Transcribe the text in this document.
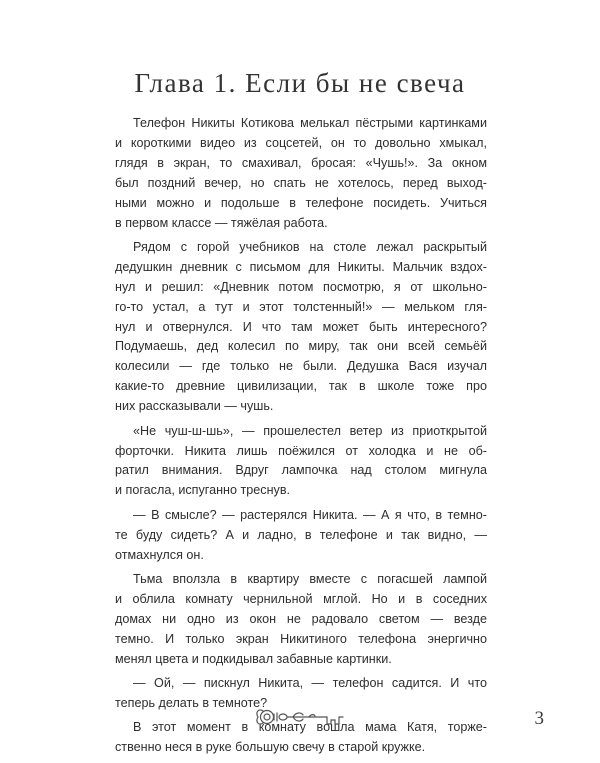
Глава 1. Если бы не свеча
Телефон Никиты Котикова мелькал пёстрыми картинками
и короткими видео из соцсетей, он то довольно хмыкал,
глядя в экран, то смахивал, бросая: «Чушь!». За окном
был поздний вечер, но спать не хотелось, перед выход-
ными можно и подольше в телефоне посидеть. Учиться
в первом классе — тяжёлая работа.
Рядом с горой учебников на столе лежал раскрытый
дедушкин дневник с письмом для Никиты. Мальчик вздох-
нул и решил: «Дневник потом посмотрю, я от школьно-
го-то устал, а тут и этот толстенный!» — мельком гля-
нул и отвернулся. И что там может быть интересного?
Подумаешь, дед колесил по миру, так они всей семьёй
колесили — где только не были. Дедушка Вася изучал
какие-то древние цивилизации, так в школе тоже про
них рассказывали — чушь.
«Не чуш-ш-шь», — прошелестел ветер из приоткрытой
форточки. Никита лишь поёжился от холодка и не об-
ратил внимания. Вдруг лампочка над столом мигнула
и погасла, испуганно треснув.
— В смысле? — растерялся Никита. — А я что, в темно-
те буду сидеть? А и ладно, в телефоне и так видно, —
отмахнулся он.
Тьма вползла в квартиру вместе с погасшей лампой
и облила комнату чернильной мглой. Но и в соседних
домах ни одно из окон не радовало светом — везде
темно. И только экран Никитиного телефона энергично
менял цвета и подкидывал забавные картинки.
— Ой, — пискнул Никита, — телефон садится. И что
теперь делать в темноте?
В этот момент в комнату вошла мама Катя, торже-
ственно неся в руке большую свечу в старой кружке.
3
